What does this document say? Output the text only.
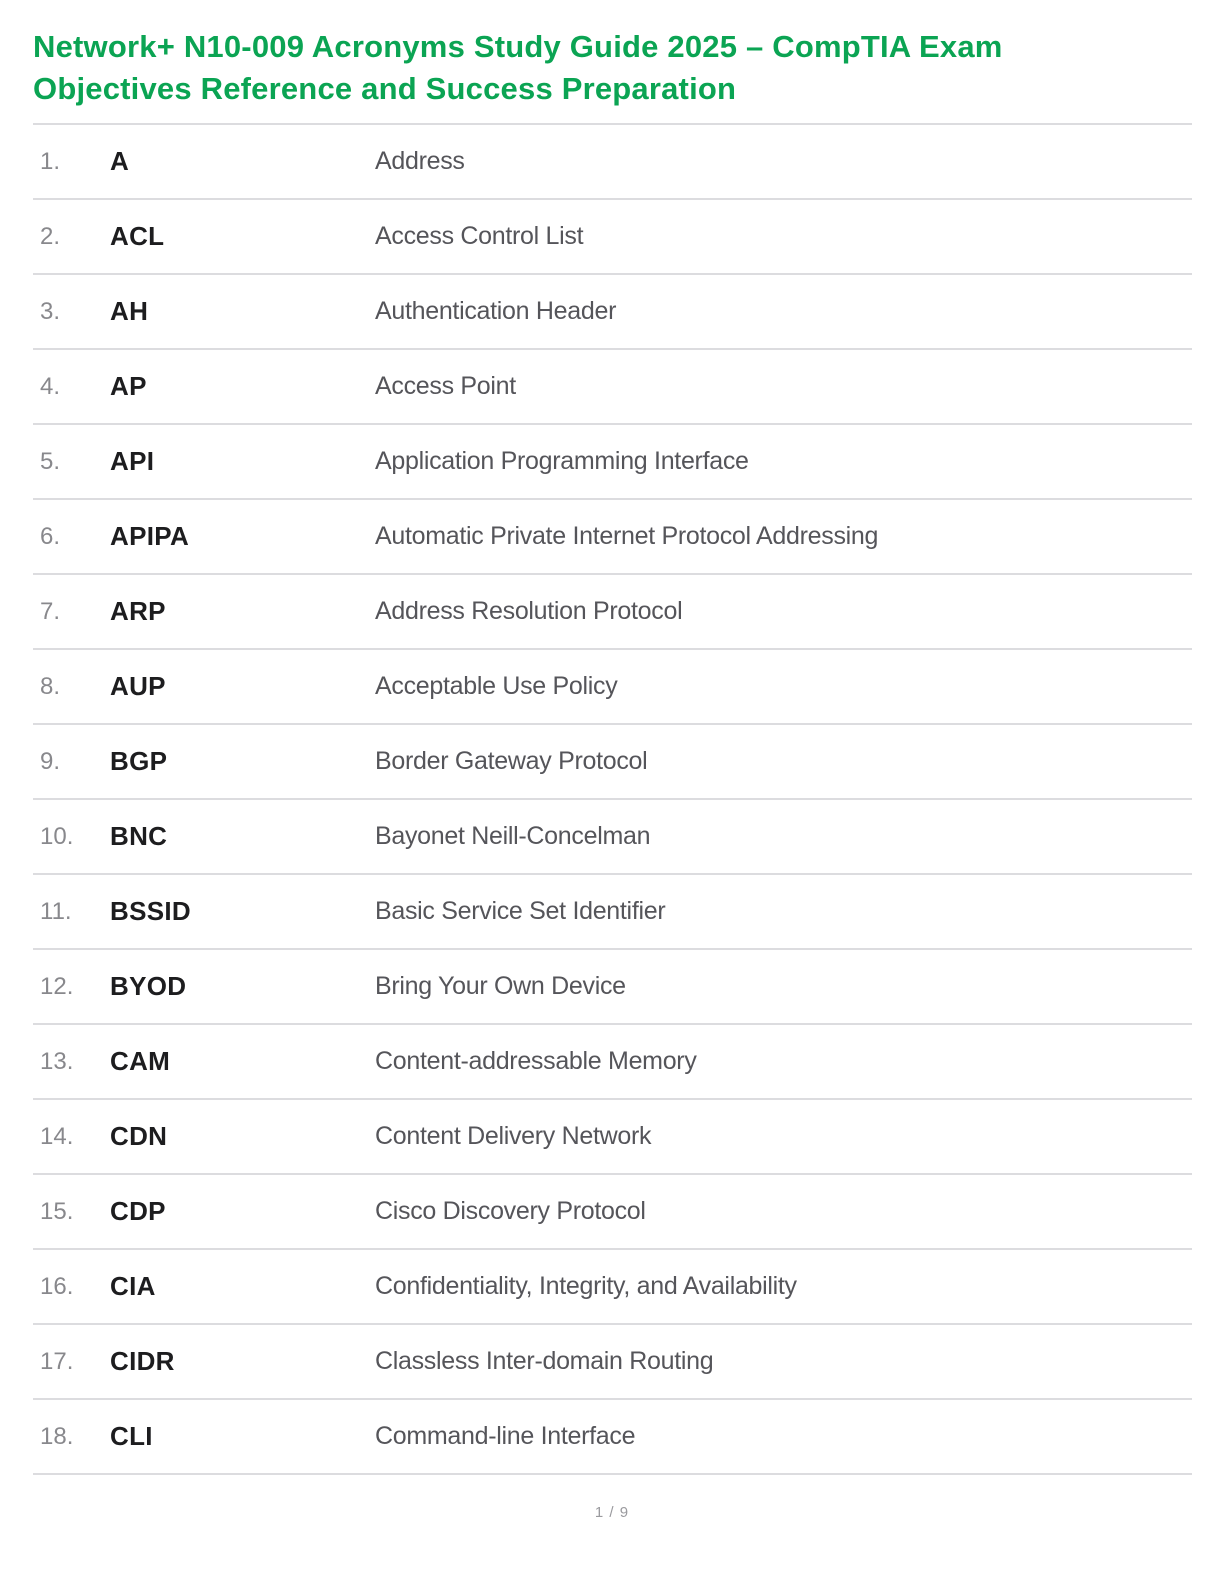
Network+ N10-009 Acronyms Study Guide 2025 – CompTIA Exam
Objectives Reference and Success Preparation
1.	A	Address
2.	ACL	Access Control List
3.	AH	Authentication Header
4.	AP	Access Point
5.	API	Application Programming Interface
6.	APIPA	Automatic Private Internet Protocol Addressing
7.	ARP	Address Resolution Protocol
8.	AUP	Acceptable Use Policy
9.	BGP	Border Gateway Protocol
10.	BNC	Bayonet Neill-Concelman
11.	BSSID	Basic Service Set Identifier
12.	BYOD	Bring Your Own Device
13.	CAM	Content-addressable Memory
14.	CDN	Content Delivery Network
15.	CDP	Cisco Discovery Protocol
16.	CIA	Confidentiality, Integrity, and Availability
17.	CIDR	Classless Inter-domain Routing
18.	CLI	Command-line Interface
1 / 9
